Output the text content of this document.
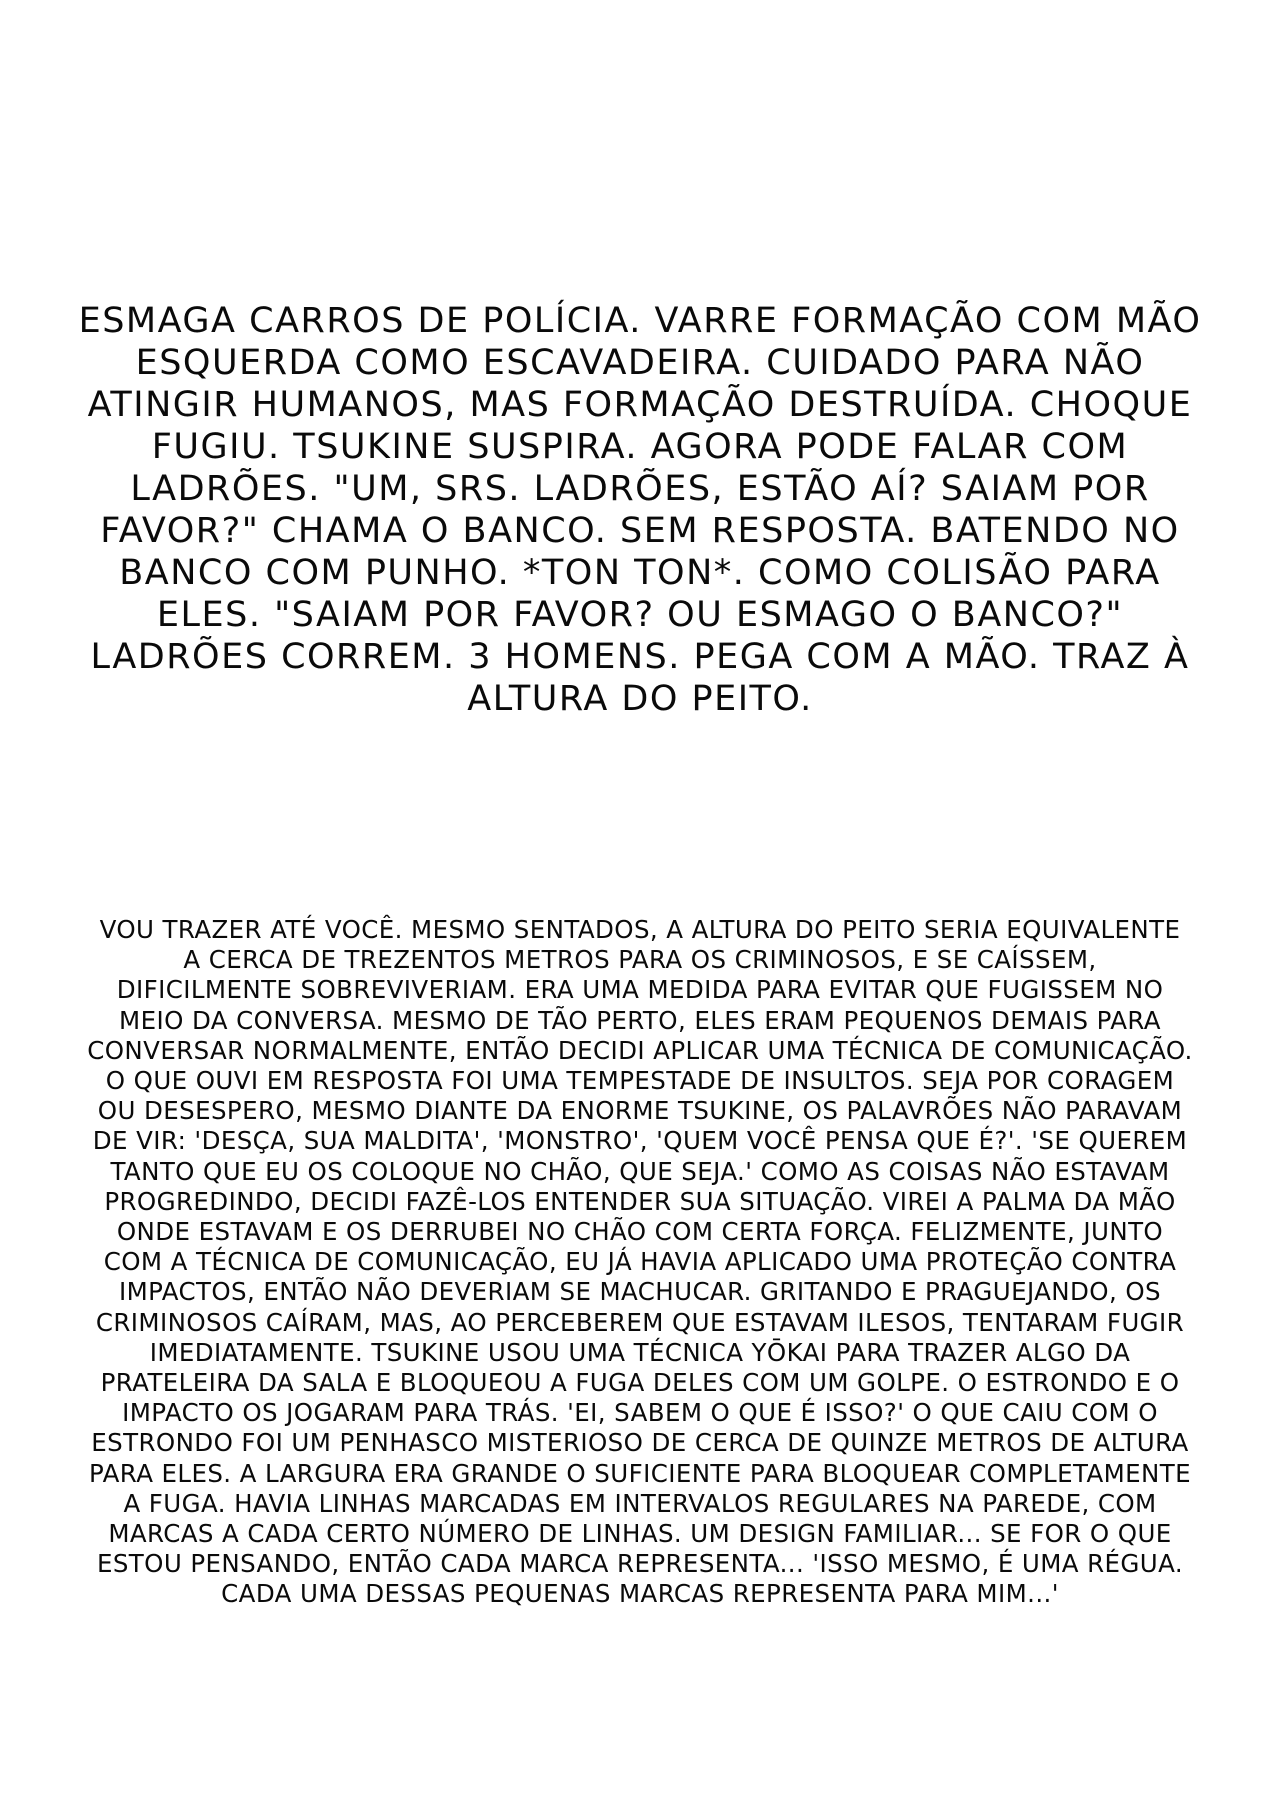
ESMAGA CARROS DE POLÍCIA. VARRE FORMAÇÃO COM MÃO
ESQUERDA COMO ESCAVADEIRA. CUIDADO PARA NÃO
ATINGIR HUMANOS, MAS FORMAÇÃO DESTRUÍDA. CHOQUE
FUGIU. TSUKINE SUSPIRA. AGORA PODE FALAR COM
LADRÕES. "UM, SRS. LADRÕES, ESTÃO AÍ? SAIAM POR
FAVOR?" CHAMA O BANCO. SEM RESPOSTA. BATENDO NO
BANCO COM PUNHO. *TON TON*. COMO COLISÃO PARA
ELES. "SAIAM POR FAVOR? OU ESMAGO O BANCO?"
LADRÕES CORREM. 3 HOMENS. PEGA COM A MÃO. TRAZ À
ALTURA DO PEITO.
VOU TRAZER ATÉ VOCÊ. MESMO SENTADOS, A ALTURA DO PEITO SERIA EQUIVALENTE
A CERCA DE TREZENTOS METROS PARA OS CRIMINOSOS, E SE CAÍSSEM,
DIFICILMENTE SOBREVIVERIAM. ERA UMA MEDIDA PARA EVITAR QUE FUGISSEM NO
MEIO DA CONVERSA. MESMO DE TÃO PERTO, ELES ERAM PEQUENOS DEMAIS PARA
CONVERSAR NORMALMENTE, ENTÃO DECIDI APLICAR UMA TÉCNICA DE COMUNICAÇÃO.
O QUE OUVI EM RESPOSTA FOI UMA TEMPESTADE DE INSULTOS. SEJA POR CORAGEM
OU DESESPERO, MESMO DIANTE DA ENORME TSUKINE, OS PALAVRÕES NÃO PARAVAM
DE VIR: 'DESÇA, SUA MALDITA', 'MONSTRO', 'QUEM VOCÊ PENSA QUE É?'. 'SE QUEREM
TANTO QUE EU OS COLOQUE NO CHÃO, QUE SEJA.' COMO AS COISAS NÃO ESTAVAM
PROGREDINDO, DECIDI FAZÊ-LOS ENTENDER SUA SITUAÇÃO. VIREI A PALMA DA MÃO
ONDE ESTAVAM E OS DERRUBEI NO CHÃO COM CERTA FORÇA. FELIZMENTE, JUNTO
COM A TÉCNICA DE COMUNICAÇÃO, EU JÁ HAVIA APLICADO UMA PROTEÇÃO CONTRA
IMPACTOS, ENTÃO NÃO DEVERIAM SE MACHUCAR. GRITANDO E PRAGUEJANDO, OS
CRIMINOSOS CAÍRAM, MAS, AO PERCEBEREM QUE ESTAVAM ILESOS, TENTARAM FUGIR
IMEDIATAMENTE. TSUKINE USOU UMA TÉCNICA YŌKAI PARA TRAZER ALGO DA
PRATELEIRA DA SALA E BLOQUEOU A FUGA DELES COM UM GOLPE. O ESTRONDO E O
IMPACTO OS JOGARAM PARA TRÁS. 'EI, SABEM O QUE É ISSO?' O QUE CAIU COM O
ESTRONDO FOI UM PENHASCO MISTERIOSO DE CERCA DE QUINZE METROS DE ALTURA
PARA ELES. A LARGURA ERA GRANDE O SUFICIENTE PARA BLOQUEAR COMPLETAMENTE
A FUGA. HAVIA LINHAS MARCADAS EM INTERVALOS REGULARES NA PAREDE, COM
MARCAS A CADA CERTO NÚMERO DE LINHAS. UM DESIGN FAMILIAR... SE FOR O QUE
ESTOU PENSANDO, ENTÃO CADA MARCA REPRESENTA... 'ISSO MESMO, É UMA RÉGUA.
CADA UMA DESSAS PEQUENAS MARCAS REPRESENTA PARA MIM...'
